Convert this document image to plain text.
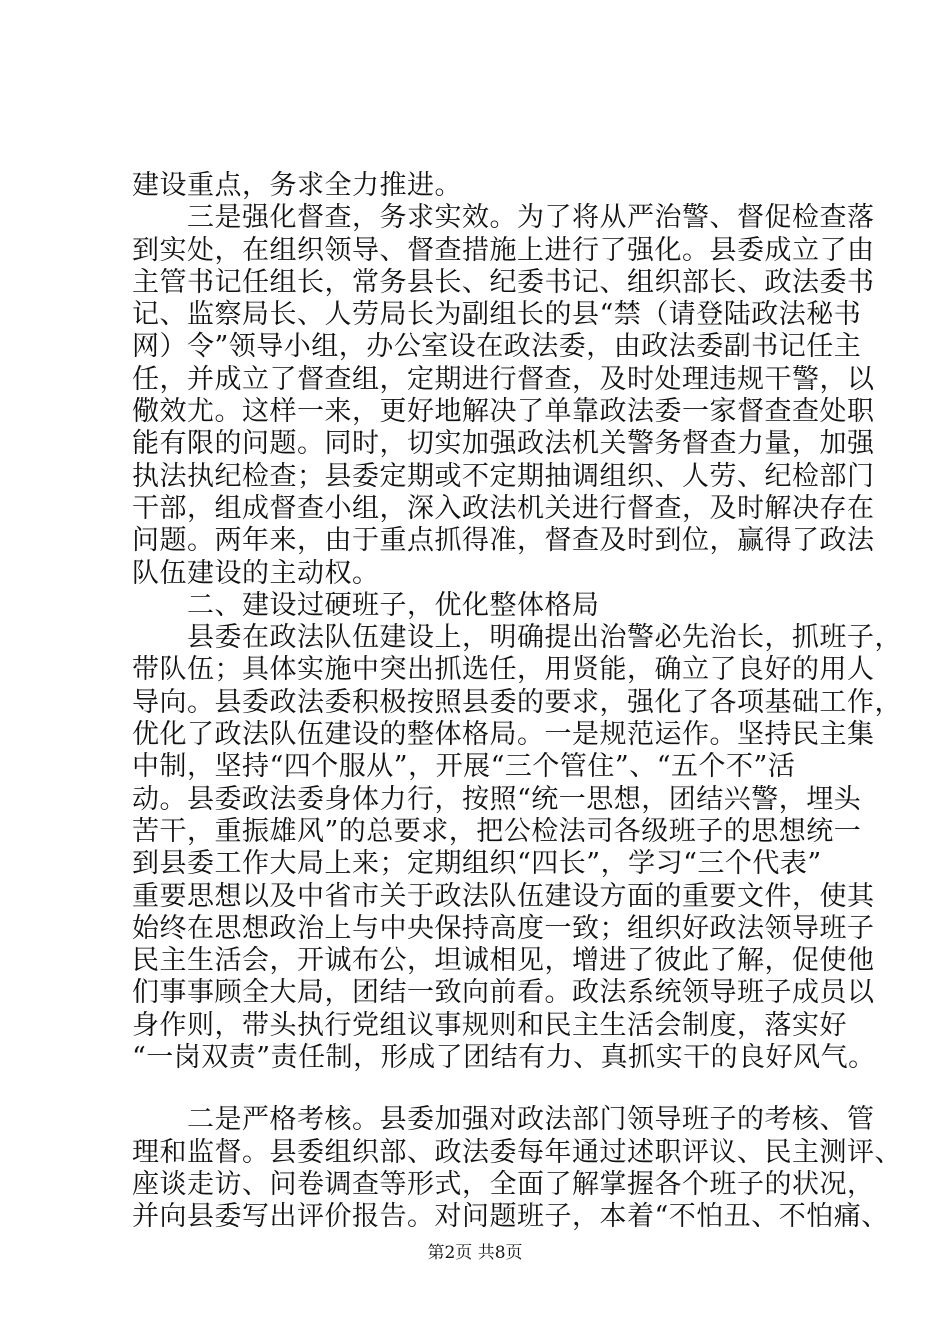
建设重点，务求全力推进。
　　三是强化督查，务求实效。为了将从严治警、督促检查落
到实处，在组织领导、督查措施上进行了强化。县委成立了由
主管书记任组长，常务县长、纪委书记、组织部长、政法委书
记、监察局长、人劳局长为副组长的县“禁（请登陆政法秘书
网）令”领导小组，办公室设在政法委，由政法委副书记任主
任，并成立了督查组，定期进行督查，及时处理违规干警，以
儆效尤。这样一来，更好地解决了单靠政法委一家督查查处职
能有限的问题。同时，切实加强政法机关警务督查力量，加强
执法执纪检查；县委定期或不定期抽调组织、人劳、纪检部门
干部，组成督查小组，深入政法机关进行督查，及时解决存在
问题。两年来，由于重点抓得准，督查及时到位，赢得了政法
队伍建设的主动权。
　　二、建设过硬班子，优化整体格局
　　县委在政法队伍建设上，明确提出治警必先治长，抓班子，
带队伍；具体实施中突出抓选任，用贤能，确立了良好的用人
导向。县委政法委积极按照县委的要求，强化了各项基础工作，
优化了政法队伍建设的整体格局。一是规范运作。坚持民主集
中制，坚持“四个服从”，开展“三个管住”、“五个不”活
动。县委政法委身体力行，按照“统一思想，团结兴警，埋头
苦干，重振雄风”的总要求，把公检法司各级班子的思想统一
到县委工作大局上来；定期组织“四长”，学习“三个代表”
重要思想以及中省市关于政法队伍建设方面的重要文件，使其
始终在思想政治上与中央保持高度一致；组织好政法领导班子
民主生活会，开诚布公，坦诚相见，增进了彼此了解，促使他
们事事顾全大局，团结一致向前看。政法系统领导班子成员以
身作则，带头执行党组议事规则和民主生活会制度，落实好
“一岗双责”责任制，形成了团结有力、真抓实干的良好风气。
　　二是严格考核。县委加强对政法部门领导班子的考核、管
理和监督。县委组织部、政法委每年通过述职评议、民主测评、
座谈走访、问卷调查等形式，全面了解掌握各个班子的状况，
并向县委写出评价报告。对问题班子，本着“不怕丑、不怕痛、
第2页 共8页
